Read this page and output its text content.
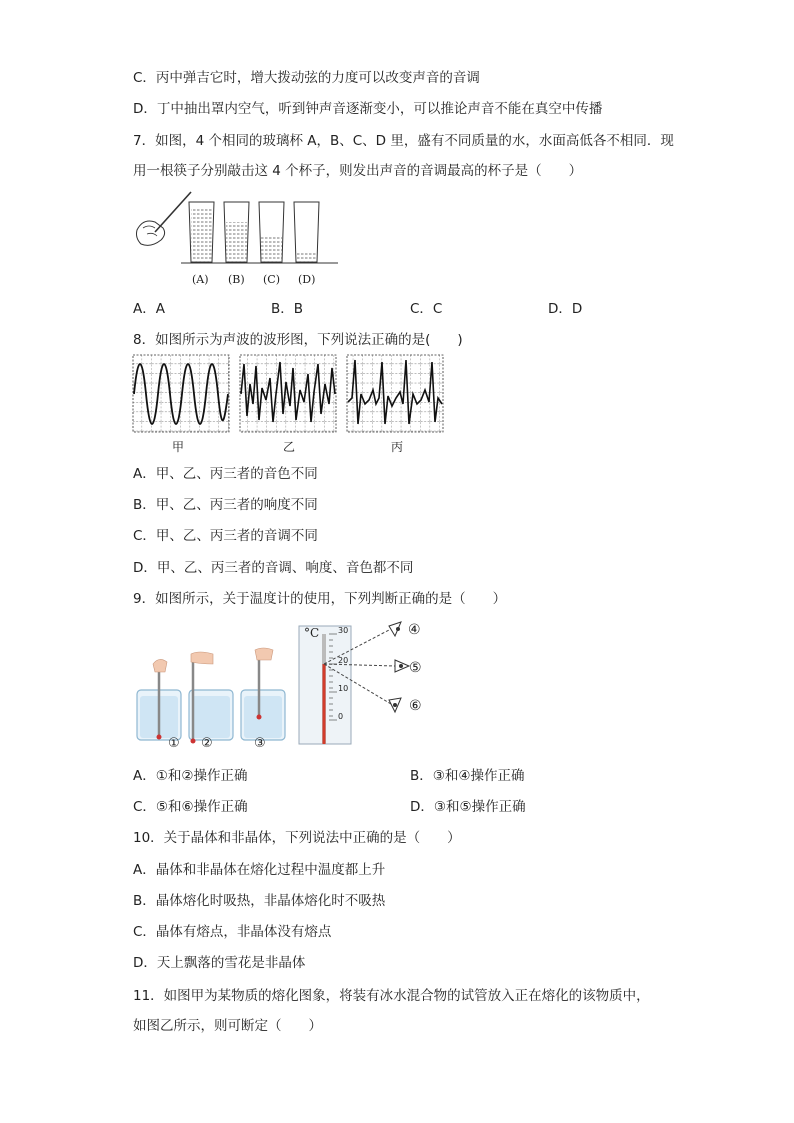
C．丙中弹吉它时，增大拨动弦的力度可以改变声音的音调
D．丁中抽出罩内空气，听到钟声音逐渐变小，可以推论声音不能在真空中传播
7．如图，4 个相同的玻璃杯 A，B、C、D 里，盛有不同质量的水，水面高低各不相同．现
用一根筷子分别敲击这 4 个杯子，则发出声音的音调最高的杯子是（　　）
(A) (B) (C) (D)
A．A	B．B	C．C	D．D
8．如图所示为声波的波形图，下列说法正确的是(　　)
甲	乙	丙
A．甲、乙、丙三者的音色不同
B．甲、乙、丙三者的响度不同
C．甲、乙、丙三者的音调不同
D．甲、乙、丙三者的音调、响度、音色都不同
9．如图所示，关于温度计的使用，下列判断正确的是（　　）
① ②	③
°C 30
20
10
0
④
⑤
⑥
A．①和②操作正确	B．③和④操作正确
C．⑤和⑥操作正确	D．③和⑤操作正确
10．关于晶体和非晶体，下列说法中正确的是（　　）
A．晶体和非晶体在熔化过程中温度都上升
B．晶体熔化时吸热，非晶体熔化时不吸热
C．晶体有熔点，非晶体没有熔点
D．天上飘落的雪花是非晶体
11．如图甲为某物质的熔化图象，将装有冰水混合物的试管放入正在熔化的该物质中，
如图乙所示，则可断定（　　）
